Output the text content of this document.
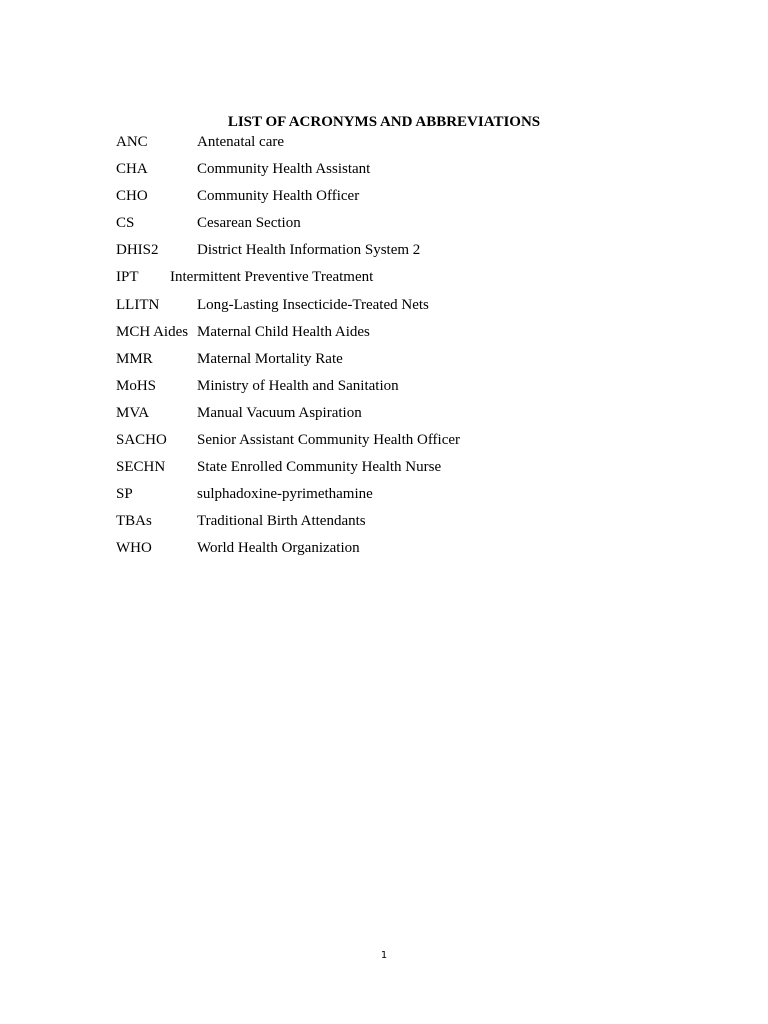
LIST OF ACRONYMS AND ABBREVIATIONS
ANC	Antenatal care
CHA	Community Health Assistant
CHO	Community Health Officer
CS	Cesarean Section
DHIS2	District Health Information System 2
IPT Intermittent Preventive Treatment
LLITN	Long-Lasting Insecticide-Treated Nets
MCH Aides Maternal Child Health Aides
MMR	Maternal Mortality Rate
MoHS	Ministry of Health and Sanitation
MVA	Manual Vacuum Aspiration
SACHO Senior Assistant Community Health Officer
SECHN State Enrolled Community Health Nurse
SP	sulphadoxine-pyrimethamine
TBAs	Traditional Birth Attendants
WHO	World Health Organization
1
